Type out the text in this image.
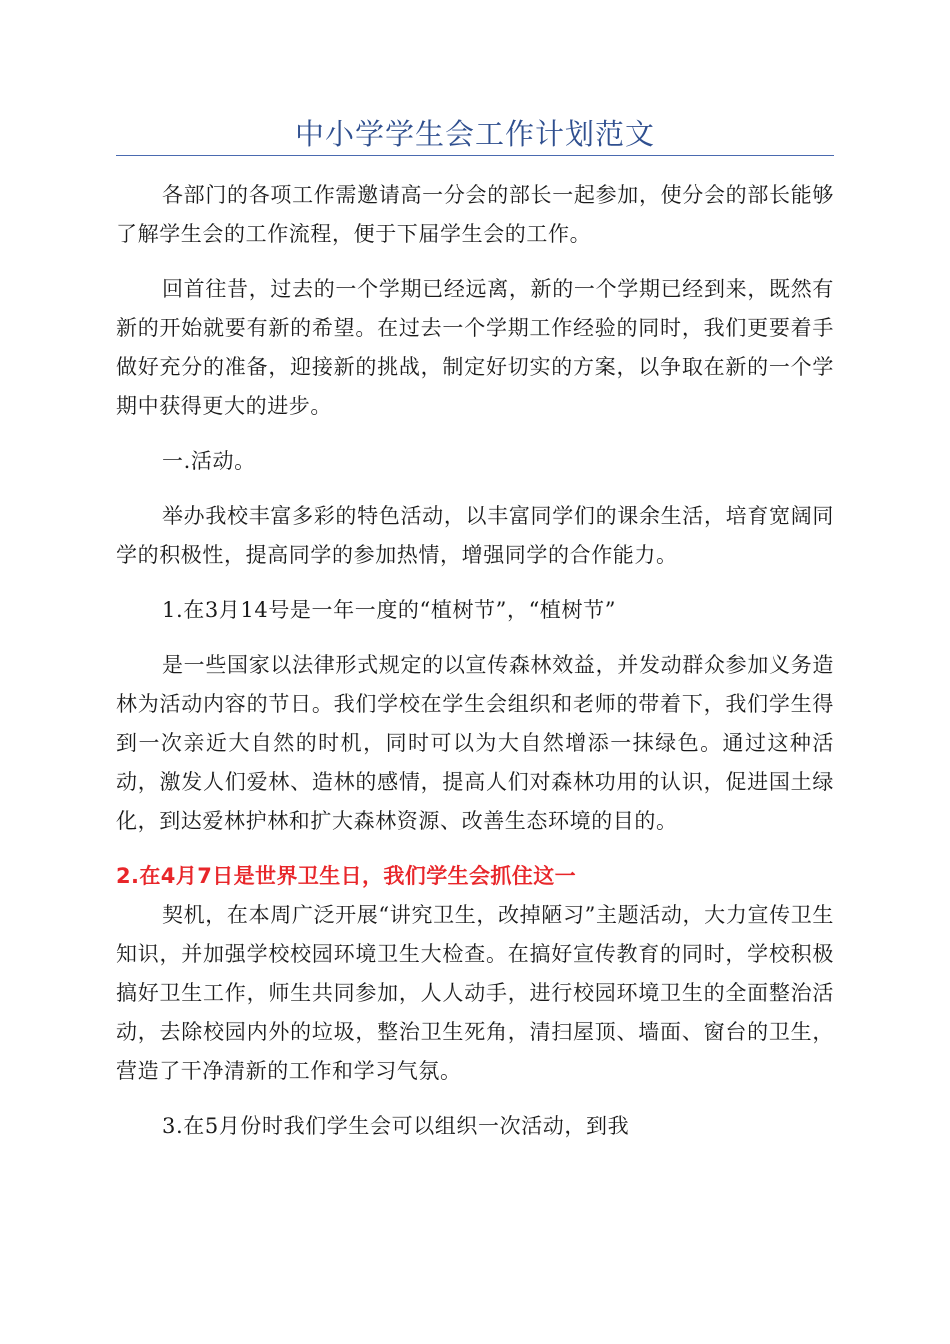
中小学学生会工作计划范文

各部门的各项工作需邀请高一分会的部长一起参加，使分会的部长能够了解学生会的工作流程，便于下届学生会的工作。

回首往昔，过去的一个学期已经远离，新的一个学期已经到来，既然有新的开始就要有新的希望。在过去一个学期工作经验的同时，我们更要着手做好充分的准备，迎接新的挑战，制定好切实的方案，以争取在新的一个学期中获得更大的进步。

一.活动。

举办我校丰富多彩的特色活动，以丰富同学们的课余生活，培育宽阔同学的积极性，提高同学的参加热情，增强同学的合作能力。

1.在3月14号是一年一度的“植树节”，“植树节”

是一些国家以法律形式规定的以宣传森林效益，并发动群众参加义务造林为活动内容的节日。我们学校在学生会组织和老师的带着下，我们学生得到一次亲近大自然的时机，同时可以为大自然增添一抹绿色。通过这种活动，激发人们爱林、造林的感情，提高人们对森林功用的认识，促进国土绿化，到达爱林护林和扩大森林资源、改善生态环境的目的。

2.在4月7日是世界卫生日，我们学生会抓住这一

契机，在本周广泛开展“讲究卫生，改掉陋习”主题活动，大力宣传卫生知识，并加强学校校园环境卫生大检查。在搞好宣传教育的同时，学校积极搞好卫生工作，师生共同参加，人人动手，进行校园环境卫生的全面整治活动，去除校园内外的垃圾，整治卫生死角，清扫屋顶、墙面、窗台的卫生，营造了干净清新的工作和学习气氛。

3.在5月份时我们学生会可以组织一次活动，到我
